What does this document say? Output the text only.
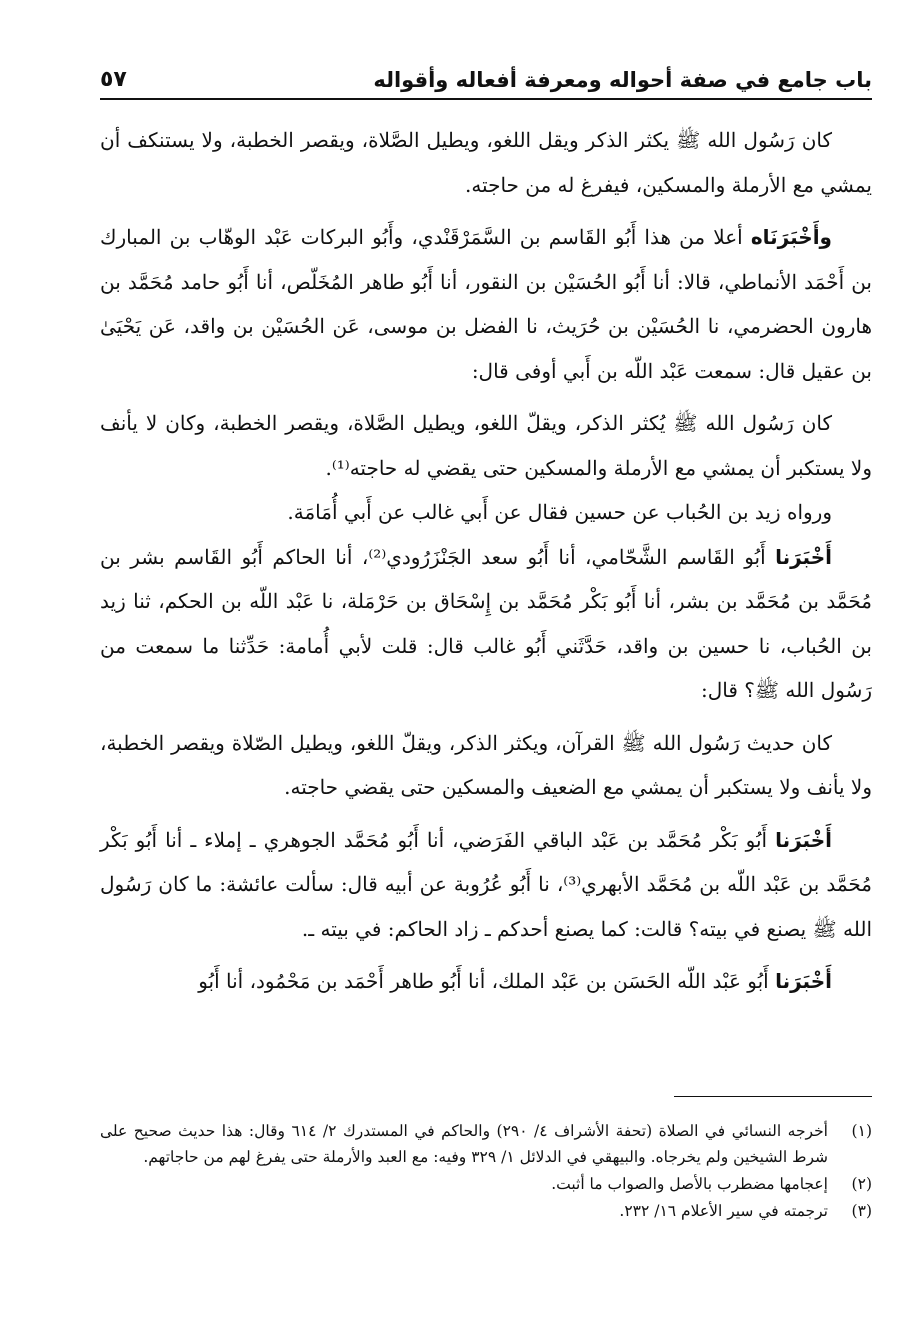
باب جامع في صفة أحواله ومعرفة أفعاله وأقواله
٥٧

كان رَسُول الله ﷺ يكثر الذكر ويقل اللغو، ويطيل الصَّلاة، ويقصر الخطبة، ولا يستنكف أن يمشي مع الأرملة والمسكين، فيفرغ له من حاجته.

وأَخْبَرَنَاه أعلا من هذا أَبُو القَاسم بن السَّمَرْقَنْدي، وأَبُو البركات عَبْد الوهّاب بن المبارك بن أَحْمَد الأنماطي، قالا: أنا أَبُو الحُسَيْن بن النقور، أنا أَبُو طاهر المُخَلّص، أنا أَبُو حامد مُحَمَّد بن هارون الحضرمي، نا الحُسَيْن بن حُرَيث، نا الفضل بن موسى، عَن الحُسَيْن بن واقد، عَن يَحْيَىٰ بن عقيل قال: سمعت عَبْد اللّه بن أَبي أوفى قال:

كان رَسُول الله ﷺ يُكثر الذكر، ويقلّ اللغو، ويطيل الصَّلاة، ويقصر الخطبة، وكان لا يأنف ولا يستكبر أن يمشي مع الأرملة والمسكين حتى يقضي له حاجته⁽¹⁾.

ورواه زيد بن الحُباب عن حسين فقال عن أَبي غالب عن أَبي أُمَامَة.

أَخْبَرَنا أَبُو القَاسم الشَّحّامي، أنا أَبُو سعد الجَنْزَرُودي⁽²⁾، أنا الحاكم أَبُو القَاسم بشر بن مُحَمَّد بن مُحَمَّد بن بشر، أنا أَبُو بَكْر مُحَمَّد بن إِسْحَاق بن حَرْمَلة، نا عَبْد اللّه بن الحكم، ثنا زيد بن الحُباب، نا حسين بن واقد، حَدَّثَني أَبُو غالب قال: قلت لأبي أُمامة: حَدِّثنا ما سمعت من رَسُول الله ﷺ؟ قال:

كان حديث رَسُول الله ﷺ القرآن، ويكثر الذكر، ويقلّ اللغو، ويطيل الصّلاة ويقصر الخطبة، ولا يأنف ولا يستكبر أن يمشي مع الضعيف والمسكين حتى يقضي حاجته.

أَخْبَرَنا أَبُو بَكْر مُحَمَّد بن عَبْد الباقي الفَرَضي، أنا أَبُو مُحَمَّد الجوهري ـ إملاء ـ أنا أَبُو بَكْر مُحَمَّد بن عَبْد اللّه بن مُحَمَّد الأبهري⁽³⁾، نا أَبُو عُرُوبة عن أبيه قال: سألت عائشة: ما كان رَسُول الله ﷺ يصنع في بيته؟ قالت: كما يصنع أحدكم ـ زاد الحاكم: في بيته ـ.

أَخْبَرَنا أَبُو عَبْد اللّه الحَسَن بن عَبْد الملك، أنا أَبُو طاهر أَحْمَد بن مَحْمُود، أنا أَبُو

(١)
أخرجه النسائي في الصلاة (تحفة الأشراف ٤/ ٢٩٠) والحاكم في المستدرك ٢/ ٦١٤ وقال: هذا حديث صحيح على شرط الشيخين ولم يخرجاه. والبيهقي في الدلائل ١/ ٣٢٩ وفيه: مع العبد والأرملة حتى يفرغ لهم من حاجاتهم.
(٢)
إعجامها مضطرب بالأصل والصواب ما أثبت.
(٣)
ترجمته في سير الأعلام ١٦/ ٢٣٢.
